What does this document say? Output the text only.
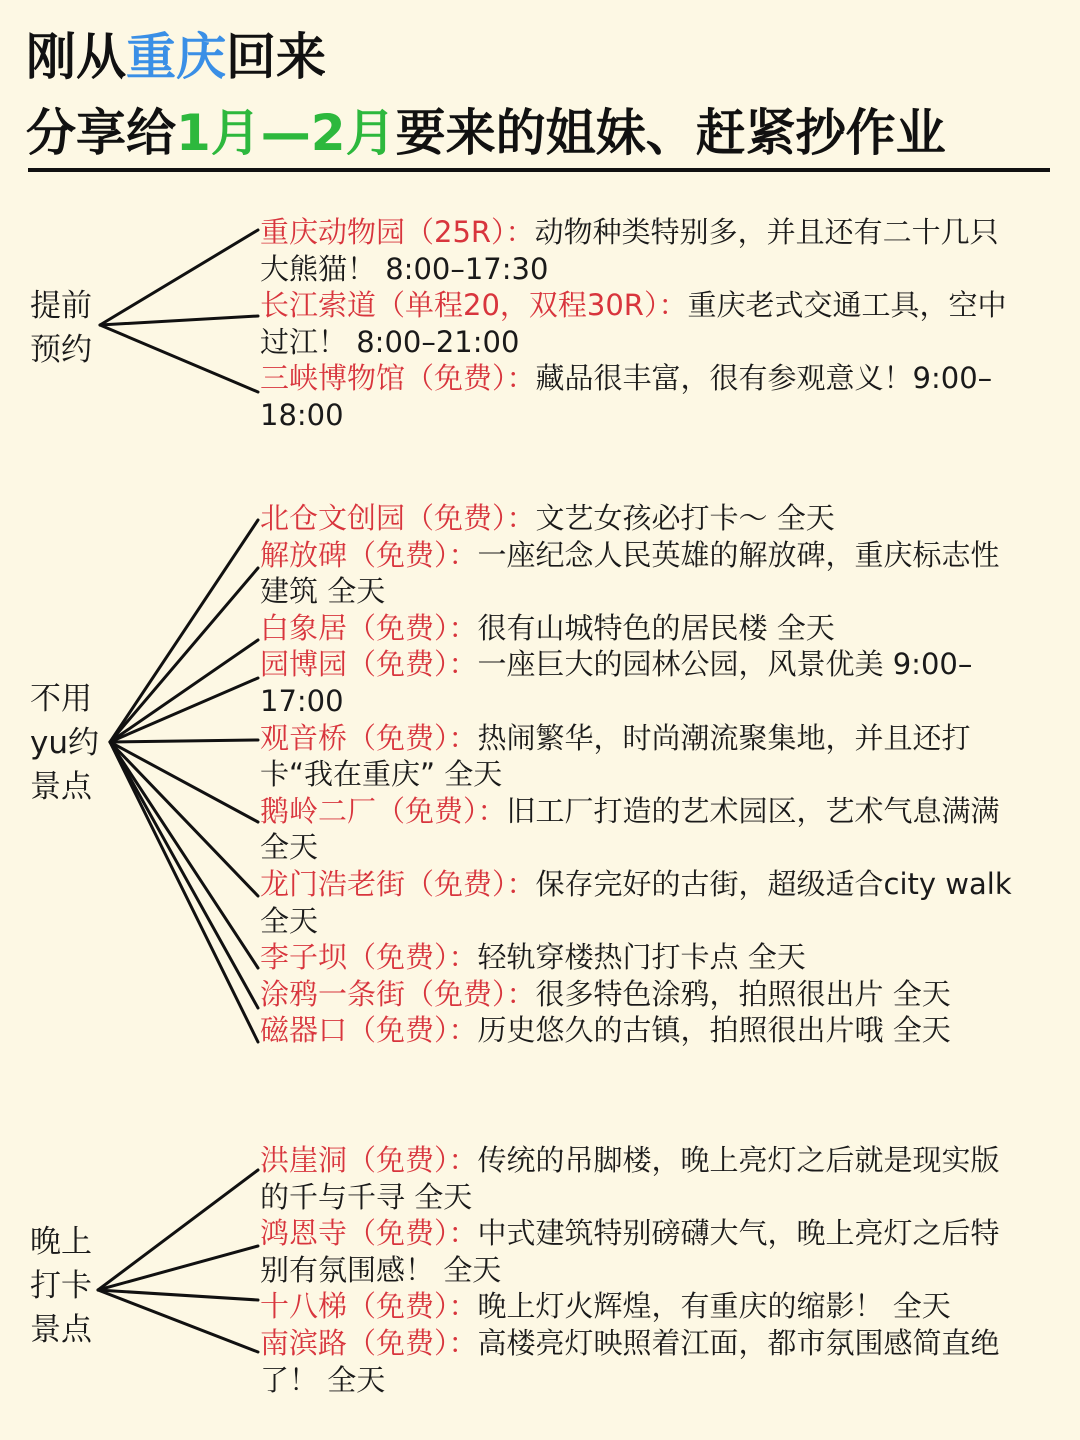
刚从重庆回来
分享给1月—2月要来的姐妹、赶紧抄作业
提前
预约
不用
yu约
景点
晚上
打卡
景点
重庆动物园（25R）：动物种类特别多，并且还有二十几只大熊猫！ 8:00–17:30
长江索道（单程20，双程30R）：重庆老式交通工具，空中过江！ 8:00–21:00
三峡博物馆（免费）：藏品很丰富，很有参观意义！9:00–18:00
北仓文创园（免费）：文艺女孩必打卡～ 全天
解放碑（免费）：一座纪念人民英雄的解放碑，重庆标志性建筑 全天
白象居（免费）：很有山城特色的居民楼 全天
园博园（免费）：一座巨大的园林公园，风景优美 9:00–17:00
观音桥（免费）：热闹繁华，时尚潮流聚集地，并且还打卡“我在重庆” 全天
鹅岭二厂（免费）：旧工厂打造的艺术园区，艺术气息满满 全天
龙门浩老街（免费）：保存完好的古街，超级适合city walk 全天
李子坝（免费）：轻轨穿楼热门打卡点 全天
涂鸦一条街（免费）：很多特色涂鸦，拍照很出片 全天
磁器口（免费）：历史悠久的古镇，拍照很出片哦 全天
洪崖洞（免费）：传统的吊脚楼，晚上亮灯之后就是现实版的千与千寻 全天
鸿恩寺（免费）：中式建筑特别磅礴大气，晚上亮灯之后特别有氛围感！ 全天
十八梯（免费）：晚上灯火辉煌，有重庆的缩影！ 全天
南滨路（免费）：高楼亮灯映照着江面，都市氛围感简直绝了！ 全天
